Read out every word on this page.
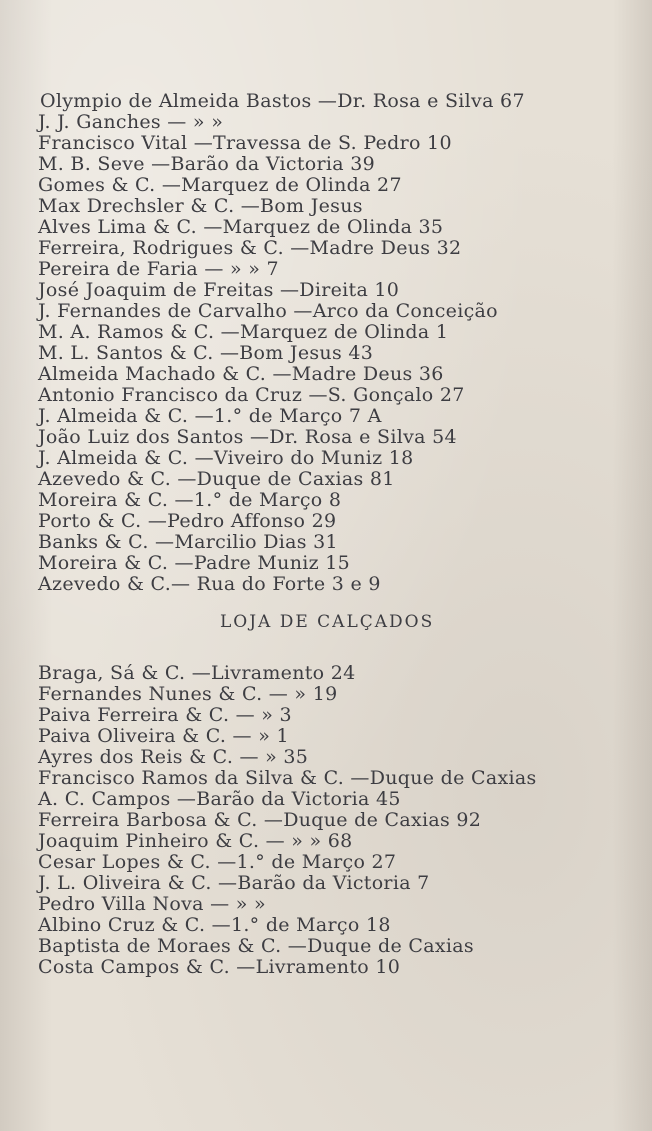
Olympio de Almeida Bastos —Dr. Rosa e Silva 67
J. J. Ganches — » »
Francisco Vital —Travessa de S. Pedro 10
M. B. Seve —Barão da Victoria 39
Gomes & C. —Marquez de Olinda 27
Max Drechsler & C. —Bom Jesus
Alves Lima & C. —Marquez de Olinda 35
Ferreira, Rodrigues & C. —Madre Deus 32
Pereira de Faria — » » 7
José Joaquim de Freitas —Direita 10
J. Fernandes de Carvalho —Arco da Conceição
M. A. Ramos & C. —Marquez de Olinda 1
M. L. Santos & C. —Bom Jesus 43
Almeida Machado & C. —Madre Deus 36
Antonio Francisco da Cruz —S. Gonçalo 27
J. Almeida & C. —1.° de Março 7 A
João Luiz dos Santos —Dr. Rosa e Silva 54
J. Almeida & C. —Viveiro do Muniz 18
Azevedo & C. —Duque de Caxias 81
Moreira & C. —1.° de Março 8
Porto & C. —Pedro Affonso 29
Banks & C. —Marcilio Dias 31
Moreira & C. —Padre Muniz 15
Azevedo & C.— Rua do Forte 3 e 9
LOJA DE CALÇADOS
Braga, Sá & C. —Livramento 24
Fernandes Nunes & C. — » 19
Paiva Ferreira & C. — » 3
Paiva Oliveira & C. — » 1
Ayres dos Reis & C. — » 35
Francisco Ramos da Silva & C. —Duque de Caxias
A. C. Campos —Barão da Victoria 45
Ferreira Barbosa & C. —Duque de Caxias 92
Joaquim Pinheiro & C. — » » 68
Cesar Lopes & C. —1.° de Março 27
J. L. Oliveira & C. —Barão da Victoria 7
Pedro Villa Nova — » »
Albino Cruz & C. —1.° de Março 18
Baptista de Moraes & C. —Duque de Caxias
Costa Campos & C. —Livramento 10
